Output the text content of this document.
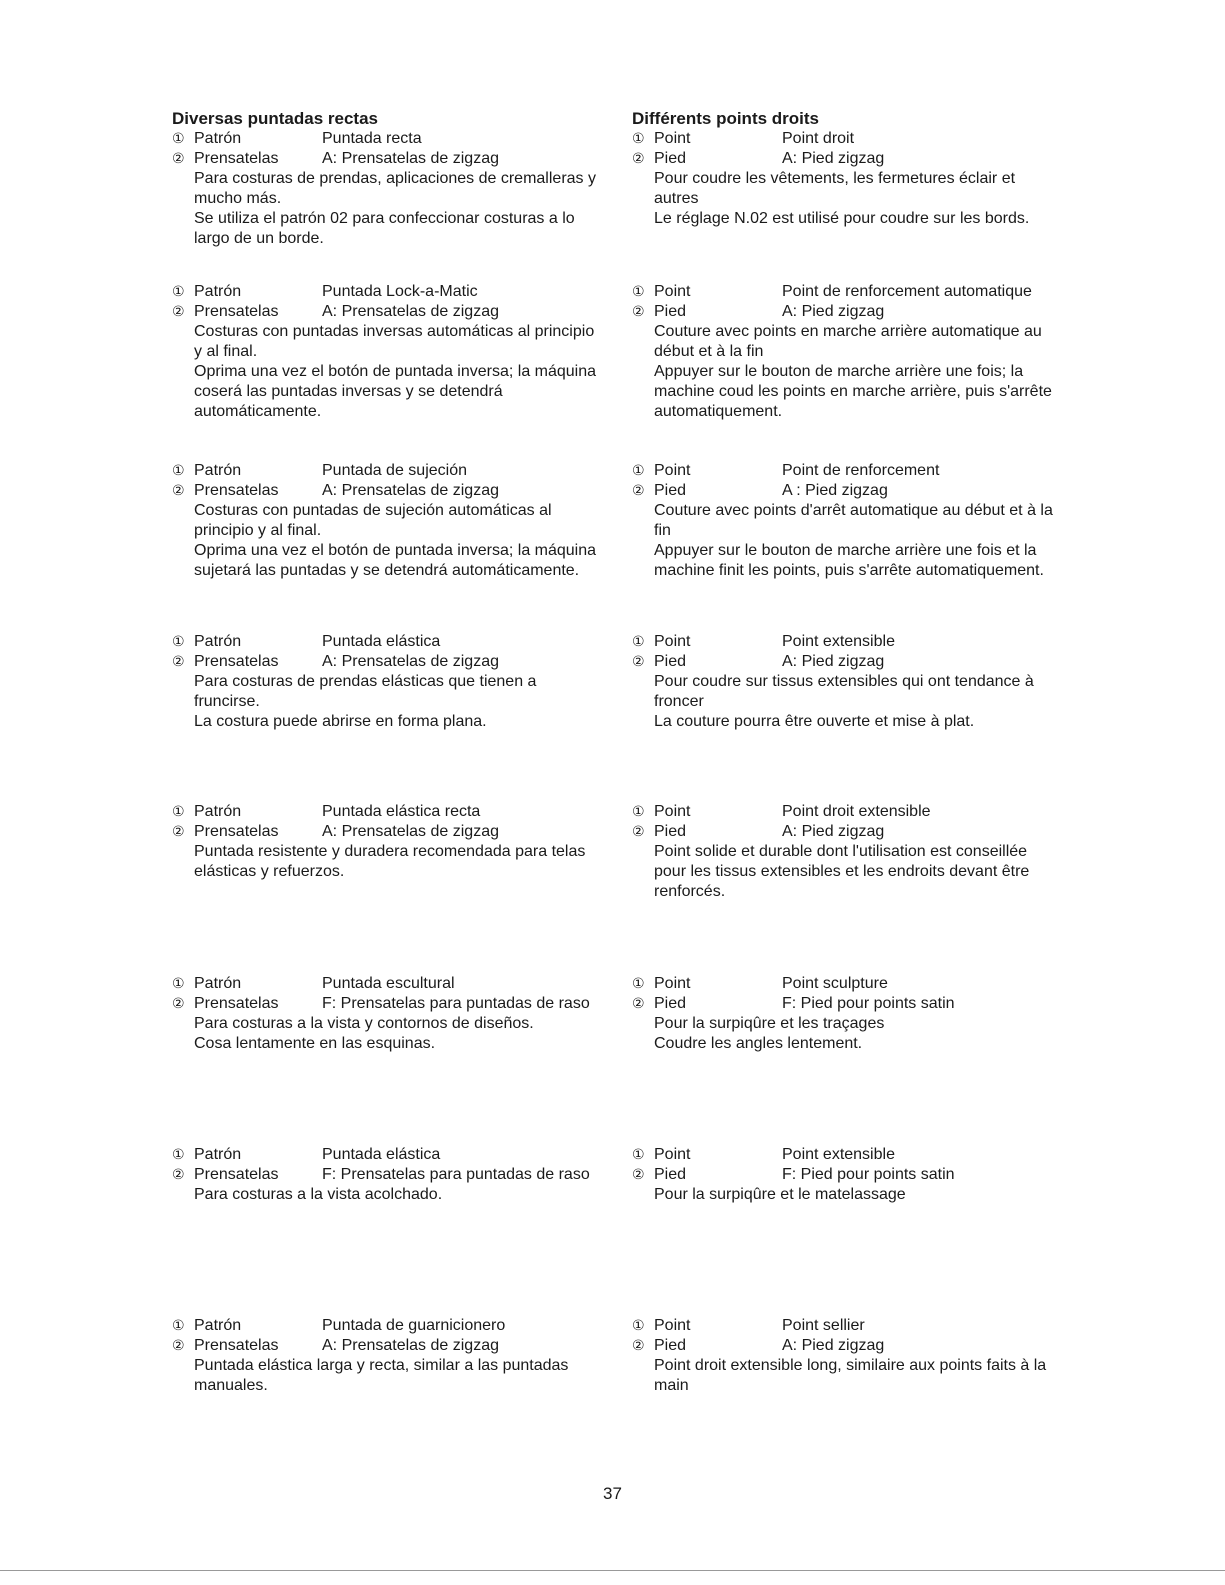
Diversas puntadas rectas
① Patrón	Puntada recta
② Prensatelas	A: Prensatelas de zigzag

Para costuras de prendas, aplicaciones de cremalleras y

mucho más.

Se utiliza el patrón 02 para confeccionar costuras a lo

largo de un borde.

① Patrón	Puntada Lock-a-Matic
② Prensatelas	A: Prensatelas de zigzag

Costuras con puntadas inversas automáticas al principio

y al final.

Oprima una vez el botón de puntada inversa; la máquina

coserá las puntadas inversas y se detendrá

automáticamente.

① Patrón	Puntada de sujeción
② Prensatelas	A: Prensatelas de zigzag

Costuras con puntadas de sujeción automáticas al

principio y al final.

Oprima una vez el botón de puntada inversa; la máquina

sujetará las puntadas y se detendrá automáticamente.

① Patrón	Puntada elástica
② Prensatelas	A: Prensatelas de zigzag

Para costuras de prendas elásticas que tienen a

fruncirse.

La costura puede abrirse en forma plana.

① Patrón	Puntada elástica recta
② Prensatelas	A: Prensatelas de zigzag

Puntada resistente y duradera recomendada para telas

elásticas y refuerzos.

① Patrón	Puntada escultural
② Prensatelas	F: Prensatelas para puntadas de raso

Para costuras a la vista y contornos de diseños.

Cosa lentamente en las esquinas.

① Patrón	Puntada elástica
② Prensatelas	F: Prensatelas para puntadas de raso

Para costuras a la vista acolchado.

① Patrón	Puntada de guarnicionero
② Prensatelas	A: Prensatelas de zigzag

Puntada elástica larga y recta, similar a las puntadas

manuales.

Différents points droits
① Point	Point droit
② Pied	A: Pied zigzag

Pour coudre les vêtements, les fermetures éclair et

autres

Le réglage N.02 est utilisé pour coudre sur les bords.

① Point	Point de renforcement automatique
② Pied	A: Pied zigzag

Couture avec points en marche arrière automatique au

début et à la fin

Appuyer sur le bouton de marche arrière une fois; la

machine coud les points en marche arrière, puis s'arrête

automatiquement.

① Point	Point de renforcement
② Pied	A : Pied zigzag

Couture avec points d'arrêt automatique au début et à la

fin

Appuyer sur le bouton de marche arrière une fois et la

machine finit les points, puis s'arrête automatiquement.

① Point	Point extensible
② Pied	A: Pied zigzag

Pour coudre sur tissus extensibles qui ont tendance à

froncer

La couture pourra être ouverte et mise à plat.

① Point	Point droit extensible
② Pied	A: Pied zigzag

Point solide et durable dont l'utilisation est conseillée

pour les tissus extensibles et les endroits devant être

renforcés.

① Point	Point sculpture
② Pied	F: Pied pour points satin

Pour la surpiqûre et les traçages

Coudre les angles lentement.

① Point	Point extensible
② Pied	F: Pied pour points satin

Pour la surpiqûre et le matelassage

① Point	Point sellier
② Pied	A: Pied zigzag

Point droit extensible long, similaire aux points faits à la

main

37
